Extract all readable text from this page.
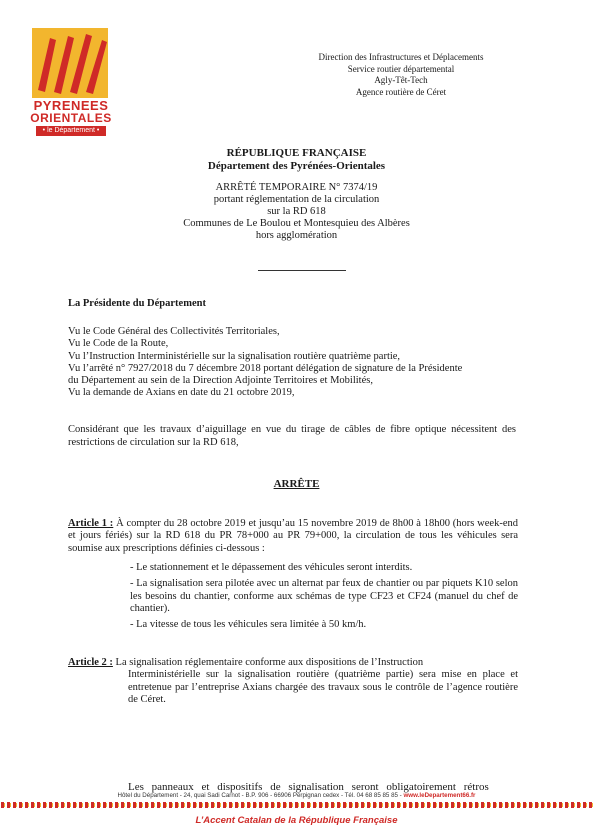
PYRENEES
ORIENTALES
• le Département •
Direction des Infrastructures et Déplacements
Service routier départemental
Agly-Têt-Tech
Agence routière de Céret
RÉPUBLIQUE FRANÇAISE
Département des Pyrénées-Orientales
ARRÊTÉ TEMPORAIRE N° 7374/19
portant réglementation de la circulation
sur la RD 618
Communes de Le Boulou et Montesquieu des Albères
hors agglomération
La Présidente du Département
Vu le Code Général des Collectivités Territoriales,
Vu le Code de la Route,
Vu l’Instruction Interministérielle sur la signalisation routière quatrième partie,
Vu l’arrêté n° 7927/2018 du 7 décembre 2018 portant délégation de signature de la Présidente
du Département au sein de la Direction Adjointe Territoires et Mobilités,
Vu la demande de Axians en date du 21 octobre 2019,
Considérant que les travaux d’aiguillage en vue du tirage de câbles de fibre optique nécessitent des restrictions de circulation sur la RD 618,
ARRÊTE
Article 1 : À compter du 28 octobre 2019 et jusqu’au 15 novembre 2019 de 8h00 à 18h00 (hors week-end et jours fériés) sur la RD 618 du PR 78+000 au PR 79+000, la circulation de tous les véhicules sera soumise aux prescriptions définies ci-dessous :
- Le stationnement et le dépassement des véhicules seront interdits.
- La signalisation sera pilotée avec un alternat par feux de chantier ou par piquets K10 selon les besoins du chantier, conforme aux schémas de type CF23 et CF24 (manuel du chef de chantier).
- La vitesse de tous les véhicules sera limitée à 50 km/h.
Article 2 : La signalisation réglementaire conforme aux dispositions de l’Instruction
Interministérielle sur la signalisation routière (quatrième partie) sera mise en place et entretenue par l’entreprise Axians chargée des travaux sous le contrôle de l’agence routière de Céret.
Les panneaux et dispositifs de signalisation seront obligatoirement rétros
Hôtel du Département - 24, quai Sadi Carnot - B.P. 906 - 66906 Perpignan cedex - Tél. 04 68 85 85 85 - www.leDepartement66.fr
L’Accent Catalan de la République Française
